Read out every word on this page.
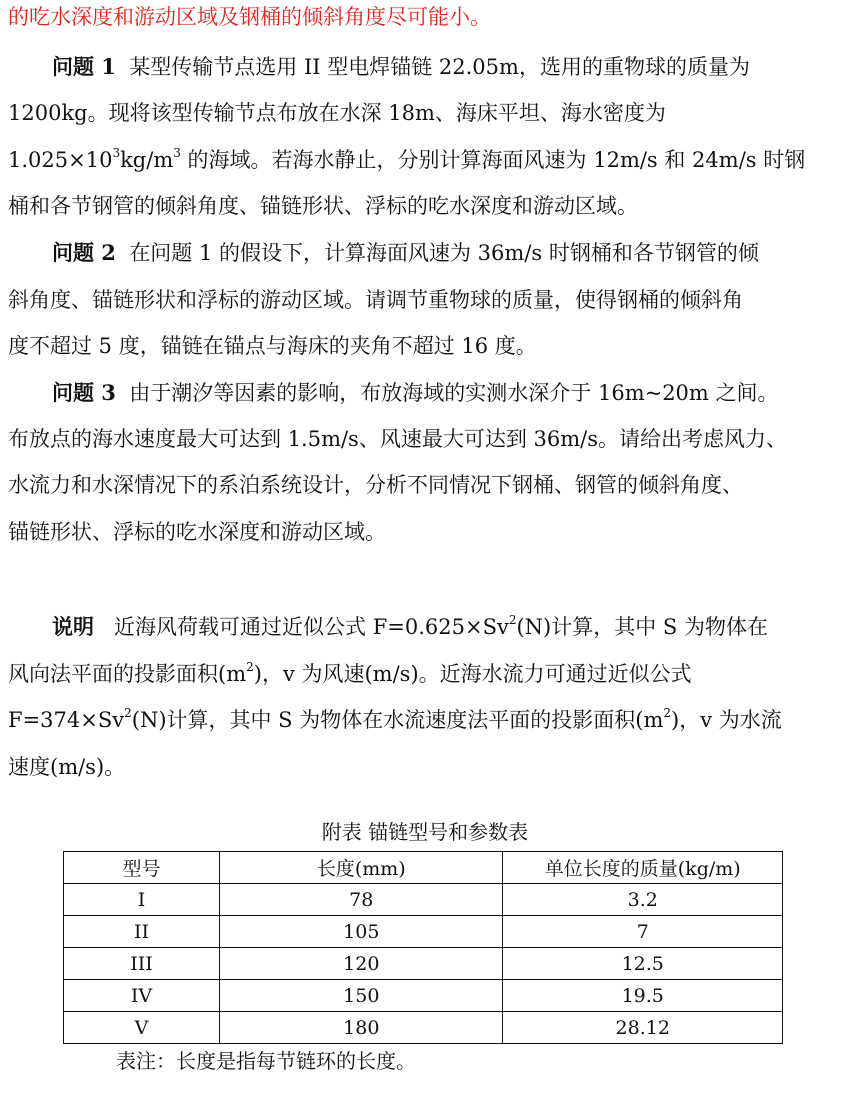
的吃水深度和游动区域及钢桶的倾斜角度尽可能小。
问题 1 某型传输节点选用 II 型电焊锚链 22.05m，选用的重物球的质量为
1200kg。现将该型传输节点布放在水深 18m、海床平坦、海水密度为
$1.025\times 10^3kg/m^3$ 的海域。若海水静止，分别计算海面风速为 12m/s 和 24m/s 时钢
桶和各节钢管的倾斜角度、锚链形状、浮标的吃水深度和游动区域。
问题 2 在问题 1 的假设下，计算海面风速为 36m/s 时钢桶和各节钢管的倾
斜角度、锚链形状和浮标的游动区域。请调节重物球的质量，使得钢桶的倾斜角
度不超过 5 度，锚链在锚点与海床的夹角不超过 16 度。
问题 3 由于潮汐等因素的影响，布放海域的实测水深介于 16m~20m 之间。
布放点的海水速度最大可达到 1.5m/s、风速最大可达到 36m/s。请给出考虑风力、
水流力和水深情况下的系泊系统设计，分析不同情况下钢桶、钢管的倾斜角度、
锚链形状、浮标的吃水深度和游动区域。
说明 近海风荷载可通过近似公式 $F=0.625\times Sv^2(N)$计算，其中 S 为物体在
风向法平面的投影面积$(m^2)$，v 为风速(m/s)。近海水流力可通过近似公式
$F=374\times Sv^2(N)$计算，其中 S 为物体在水流速度法平面的投影面积$(m^2)$，v 为水流
速度(m/s)。
附表 锚链型号和参数表
型号	长度(mm)	单位长度的质量(kg/m)
I	78	3.2
II	105	7
III	120	12.5
IV	150	19.5
V	180	28.12
表注：长度是指每节链环的长度。
